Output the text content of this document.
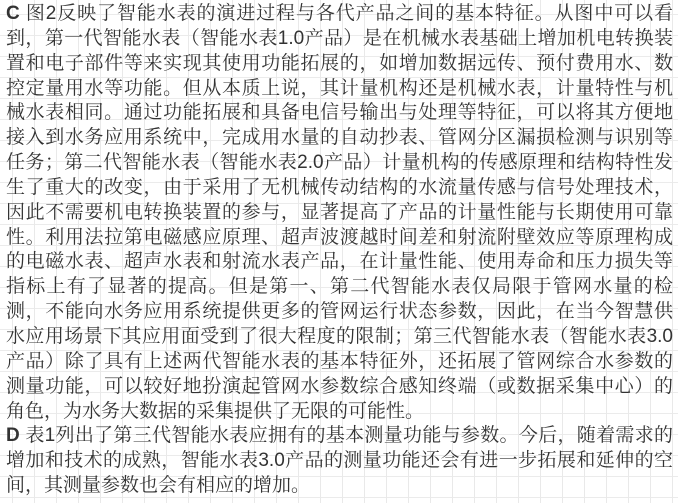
C 图2反映了智能水表的演进过程与各代产品之间的基本特征。从图中可以看
到，第一代智能水表（智能水表1.0产品）是在机械水表基础上增加机电转换装
置和电子部件等来实现其使用功能拓展的，如增加数据远传、预付费用水、数
控定量用水等功能。但从本质上说，其计量机构还是机械水表，计量特性与机
械水表相同。通过功能拓展和具备电信号输出与处理等特征，可以将其方便地
接入到水务应用系统中，完成用水量的自动抄表、管网分区漏损检测与识别等
任务；第二代智能水表（智能水表2.0产品）计量机构的传感原理和结构特性发
生了重大的改变，由于采用了无机械传动结构的水流量传感与信号处理技术，
因此不需要机电转换装置的参与，显著提高了产品的计量性能与长期使用可靠
性。利用法拉第电磁感应原理、超声波渡越时间差和射流附壁效应等原理构成
的电磁水表、超声水表和射流水表产品，在计量性能、使用寿命和压力损失等
指标上有了显著的提高。但是第一、第二代智能水表仅局限于管网水量的检
测，不能向水务应用系统提供更多的管网运行状态参数，因此，在当今智慧供
水应用场景下其应用面受到了很大程度的限制；第三代智能水表（智能水表3.0
产品）除了具有上述两代智能水表的基本特征外，还拓展了管网综合水参数的
测量功能，可以较好地扮演起管网水参数综合感知终端（或数据采集中心）的
角色，为水务大数据的采集提供了无限的可能性。
D 表1列出了第三代智能水表应拥有的基本测量功能与参数。今后，随着需求的
增加和技术的成熟，智能水表3.0产品的测量功能还会有进一步拓展和延伸的空
间，其测量参数也会有相应的增加。
